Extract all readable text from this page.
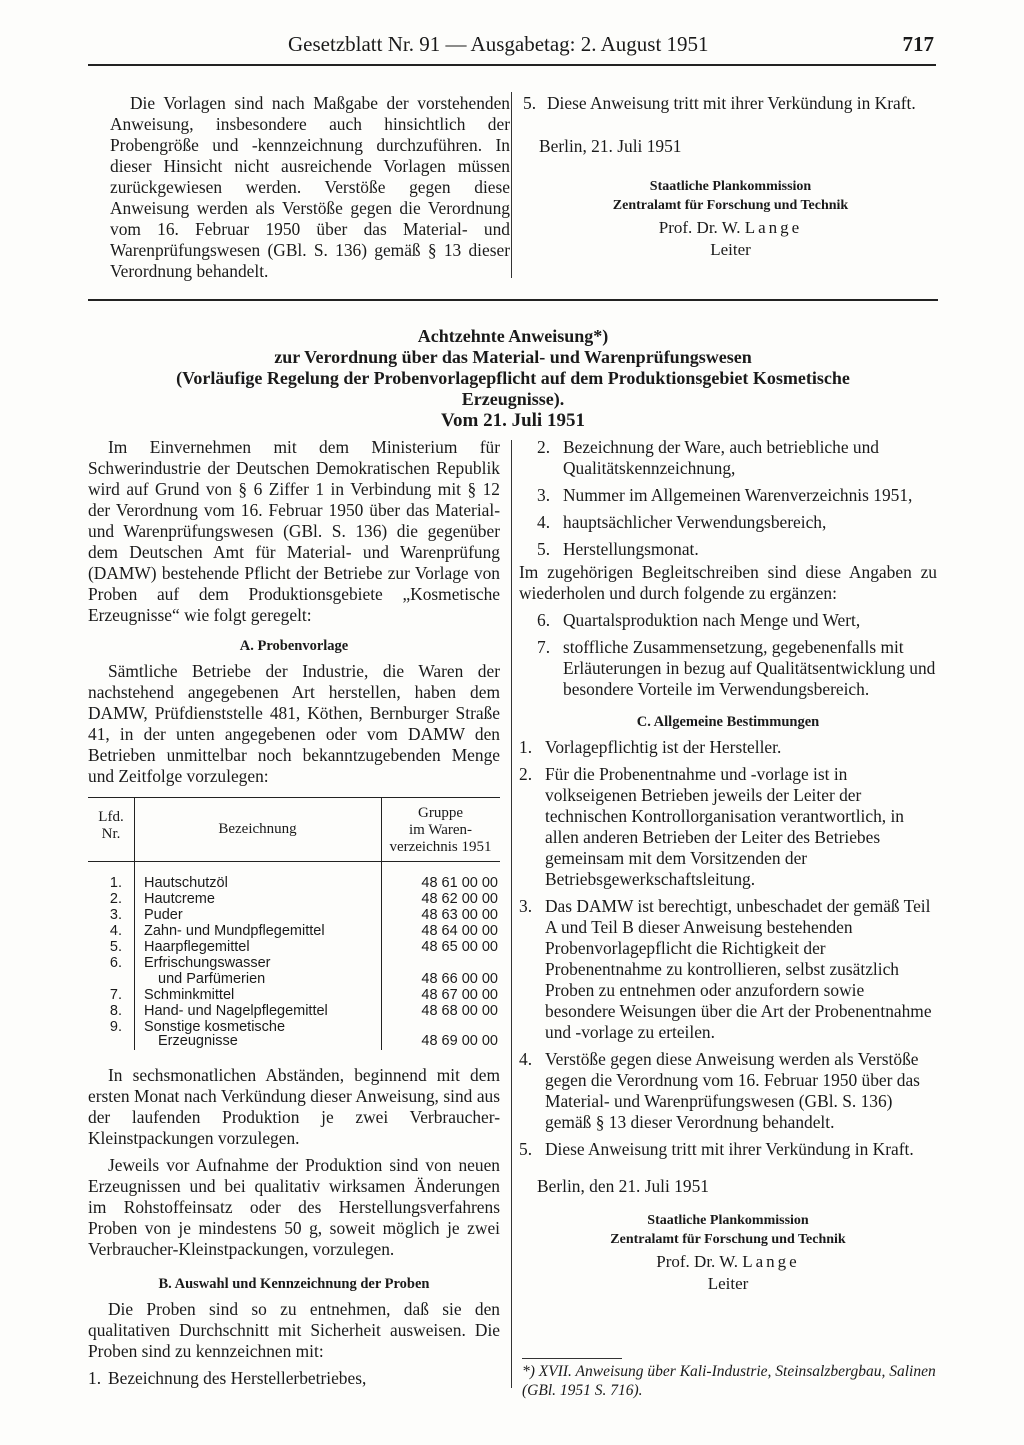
Gesetzblatt Nr. 91 — Ausgabetag: 2. August 1951	717

Die Vorlagen sind nach Maßgabe der vorstehenden Anweisung, insbesondere auch hinsichtlich der Probengröße und -kennzeichnung durchzuführen. In dieser Hinsicht nicht ausreichende Vorlagen müssen zurückgewiesen werden. Verstöße gegen diese Anweisung werden als Verstöße gegen die Verordnung vom 16. Februar 1950 über das Material- und Warenprüfungswesen (GBl. S. 136) gemäß § 13 dieser Verordnung behandelt.

5. Diese Anweisung tritt mit ihrer Verkündung in Kraft.
Berlin, 21. Juli 1951
Staatliche Plankommission
Zentralamt für Forschung und Technik
Prof. Dr. W. Lange
Leiter
Achtzehnte Anweisung*)
zur Verordnung über das Material- und Warenprüfungswesen
(Vorläufige Regelung der Probenvorlagepflicht auf dem Produktionsgebiet Kosmetische
Erzeugnisse).
Vom 21. Juli 1951

Im Einvernehmen mit dem Ministerium für Schwerindustrie der Deutschen Demokratischen Republik wird auf Grund von § 6 Ziffer 1 in Verbindung mit § 12 der Verordnung vom 16. Februar 1950 über das Material- und Warenprüfungswesen (GBl. S. 136) die gegenüber dem Deutschen Amt für Material- und Warenprüfung (DAMW) bestehende Pflicht der Betriebe zur Vorlage von Proben auf dem Produktionsgebiete „Kosmetische Erzeugnisse“ wie folgt geregelt:

A. Probenvorlage

Sämtliche Betriebe der Industrie, die Waren der nachstehend angegebenen Art herstellen, haben dem DAMW, Prüfdienststelle 481, Köthen, Bernburger Straße 41, in der unten angegebenen oder vom DAMW den Betrieben unmittelbar noch bekanntzugebenden Menge und Zeitfolge vorzulegen:

Lfd.
Nr.	Bezeichnung
Gruppe
im Waren-
verzeichnis 1951
1. Hautschutzöl	48 61 00 00
2. Hautcreme	48 62 00 00
3. Puder	48 63 00 00
4. Zahn- und Mundpflegemittel	48 64 00 00
5. Haarpflegemittel	48 65 00 00
6. Erfrischungswasser
und Parfümerien	48 66 00 00
7. Schminkmittel	48 67 00 00
8. Hand- und Nagelpflegemittel	48 68 00 00
9. Sonstige kosmetische
Erzeugnisse	48 69 00 00

In sechsmonatlichen Abständen, beginnend mit dem ersten Monat nach Verkündung dieser Anweisung, sind aus der laufenden Produktion je zwei Verbraucher-Kleinstpackungen vorzulegen.

Jeweils vor Aufnahme der Produktion sind von neuen Erzeugnissen und bei qualitativ wirksamen Änderungen im Rohstoffeinsatz oder des Herstellungsverfahrens Proben von je mindestens 50 g, soweit möglich je zwei Verbraucher-Kleinstpackungen, vorzulegen.

B. Auswahl und Kennzeichnung der Proben

Die Proben sind so zu entnehmen, daß sie den qualitativen Durchschnitt mit Sicherheit ausweisen. Die Proben sind zu kennzeichnen mit:

1. Bezeichnung des Herstellerbetriebes,
2. Bezeichnung der Ware, auch betriebliche und Qualitätskennzeichnung,
3. Nummer im Allgemeinen Warenverzeichnis 1951,
4. hauptsächlicher Verwendungsbereich,
5. Herstellungsmonat.

Im zugehörigen Begleitschreiben sind diese Angaben zu wiederholen und durch folgende zu ergänzen:

6. Quartalsproduktion nach Menge und Wert,
7. stoffliche Zusammensetzung, gegebenenfalls mit Erläuterungen in bezug auf Qualitätsentwicklung und besondere Vorteile im Verwendungsbereich.
C. Allgemeine Bestimmungen
1. Vorlagepflichtig ist der Hersteller.
2. Für die Probenentnahme und -vorlage ist in volkseigenen Betrieben jeweils der Leiter der technischen Kontrollorganisation verantwortlich, in allen anderen Betrieben der Leiter des Betriebes gemeinsam mit dem Vorsitzenden der Betriebsgewerkschaftsleitung.
3. Das DAMW ist berechtigt, unbeschadet der gemäß Teil A und Teil B dieser Anweisung bestehenden Probenvorlagepflicht die Richtigkeit der Probenentnahme zu kontrollieren, selbst zusätzlich Proben zu entnehmen oder anzufordern sowie besondere Weisungen über die Art der Probenentnahme und -vorlage zu erteilen.
4. Verstöße gegen diese Anweisung werden als Verstöße gegen die Verordnung vom 16. Februar 1950 über das Material- und Warenprüfungswesen (GBl. S. 136) gemäß § 13 dieser Verordnung behandelt.
5. Diese Anweisung tritt mit ihrer Verkündung in Kraft.
Berlin, den 21. Juli 1951
Staatliche Plankommission
Zentralamt für Forschung und Technik
Prof. Dr. W. Lange
Leiter
*) XVII. Anweisung über Kali-Industrie, Steinsalzbergbau, Salinen (GBl. 1951 S. 716).
